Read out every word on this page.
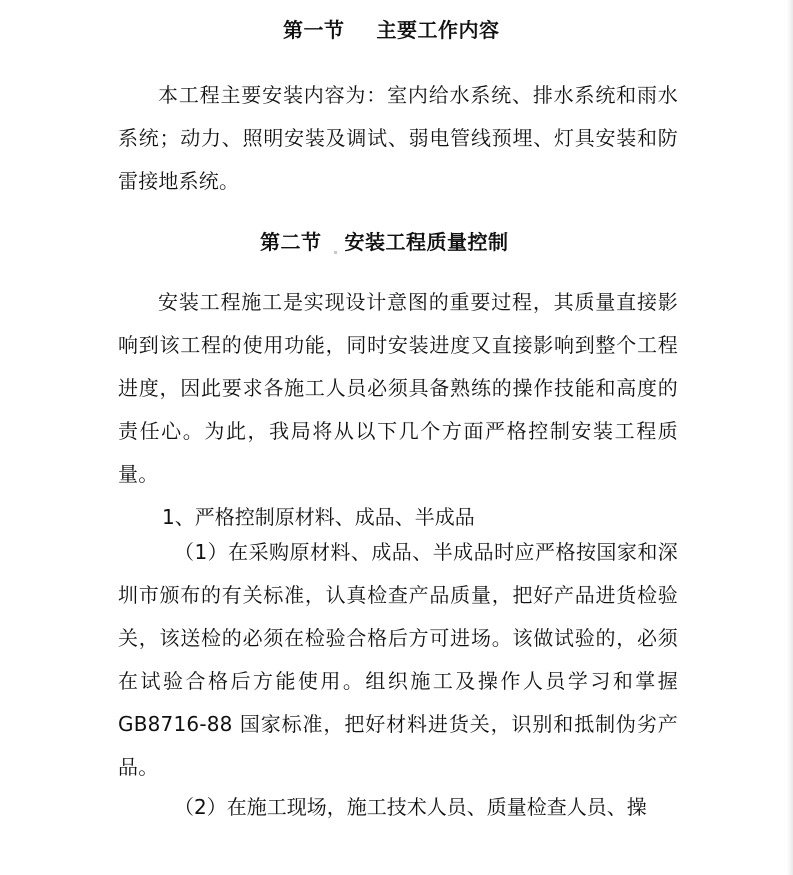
第一节 主要工作内容

本工程主要安装内容为：室内给水系统、排水系统和雨水系统；动力、照明安装及调试、弱电管线预埋、灯具安装和防雷接地系统。

第二节 安装工程质量控制

安装工程施工是实现设计意图的重要过程，其质量直接影响到该工程的使用功能，同时安装进度又直接影响到整个工程进度，因此要求各施工人员必须具备熟练的操作技能和高度的责任心。为此，我局将从以下几个方面严格控制安装工程质量。

1、严格控制原材料、成品、半成品

（1）在采购原材料、成品、半成品时应严格按国家和深圳市颁布的有关标准，认真检查产品质量，把好产品进货检验关，该送检的必须在检验合格后方可进场。该做试验的，必须在试验合格后方能使用。组织施工及操作人员学习和掌握 GB8716-88 国家标准，把好材料进货关，识别和抵制伪劣产品。

（2）在施工现场，施工技术人员、质量检查人员、操
